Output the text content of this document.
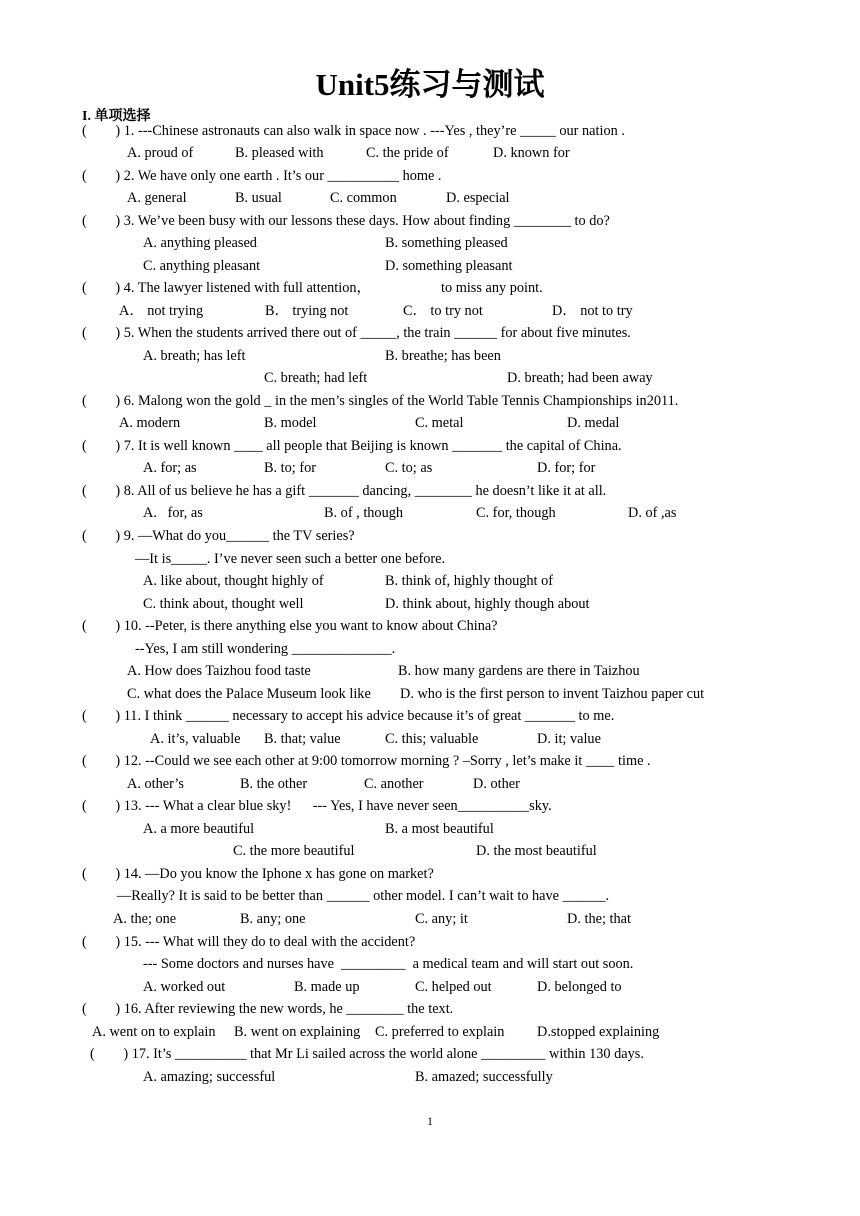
Unit5练习与测试
I. 单项选择
(        ) 1. ---Chinese astronauts can also walk in space now . ---Yes , they’re _____ our nation .
A. proud of	B. pleased with	C. the pride of	D. known for
(        ) 2. We have only one earth . It’s our __________ home .
A. general	B. usual	C. common	D. especial
(        ) 3. We’ve been busy with our lessons these days. How about finding ________ to do?
A. anything pleased	B. something pleased
C. anything pleasant	D. something pleasant
(        ) 4. The lawyer listened with full attention，	to miss any point.
A． not trying	B． trying not	C． to try not	D． not to try
(        ) 5. When the students arrived there out of _____, the train ______ for about five minutes.
A. breath; has left	B. breathe; has been
C. breath; had left	D. breath; had been away
(        ) 6. Malong won the gold _ in the men’s singles of the World Table Tennis Championships in2011.
A. modern	B. model	C. metal	D. medal
(        ) 7. It is well known ____ all people that Beijing is known _______ the capital of China.
A. for; as	B. to; for	C. to; as	D. for; for
(        ) 8. All of us believe he has a gift _______ dancing, ________ he doesn’t like it at all.
A.   for, as	B. of , though	C. for, though	D. of ,as
(        ) 9. —What do you______ the TV series?
—It is_____. I’ve never seen such a better one before.
A. like about, thought highly of	B. think of, highly thought of
C. think about, thought well	D. think about, highly though about
(        ) 10. --Peter, is there anything else you want to know about China?
--Yes, I am still wondering ______________.
A. How does Taizhou food taste	B. how many gardens are there in Taizhou
C. what does the Palace Museum look like D. who is the first person to invent Taizhou paper cut
(        ) 11. I think ______ necessary to accept his advice because it’s of great _______ to me.
A. it’s, valuable B. that; value	C. this; valuable	D. it; value
(        ) 12. --Could we see each other at 9:00 tomorrow morning ? –Sorry , let’s make it ____ time .
A. other’s	B. the other	C. another	D. other
(        ) 13. --- What a clear blue sky!      --- Yes, I have never seen__________sky.
A. a more beautiful	B. a most beautiful
C. the more beautiful	D. the most beautiful
(        ) 14. —Do you know the Iphone x has gone on market?
—Really? It is said to be better than ______ other model. I can’t wait to have ______.
A. the; one	B. any; one	C. any; it	D. the; that
(        ) 15. --- What will they do to deal with the accident?
--- Some doctors and nurses have  _________  a medical team and will start out soon.
A. worked out	B. made up	C. helped out	D. belonged to
(        ) 16. After reviewing the new words, he ________ the text.
A. went on to explain B. went on explaining C. preferred to explain D.stopped explaining
(        ) 17. It’s __________ that Mr Li sailed across the world alone _________ within 130 days.
A. amazing; successful	B. amazed; successfully
1
